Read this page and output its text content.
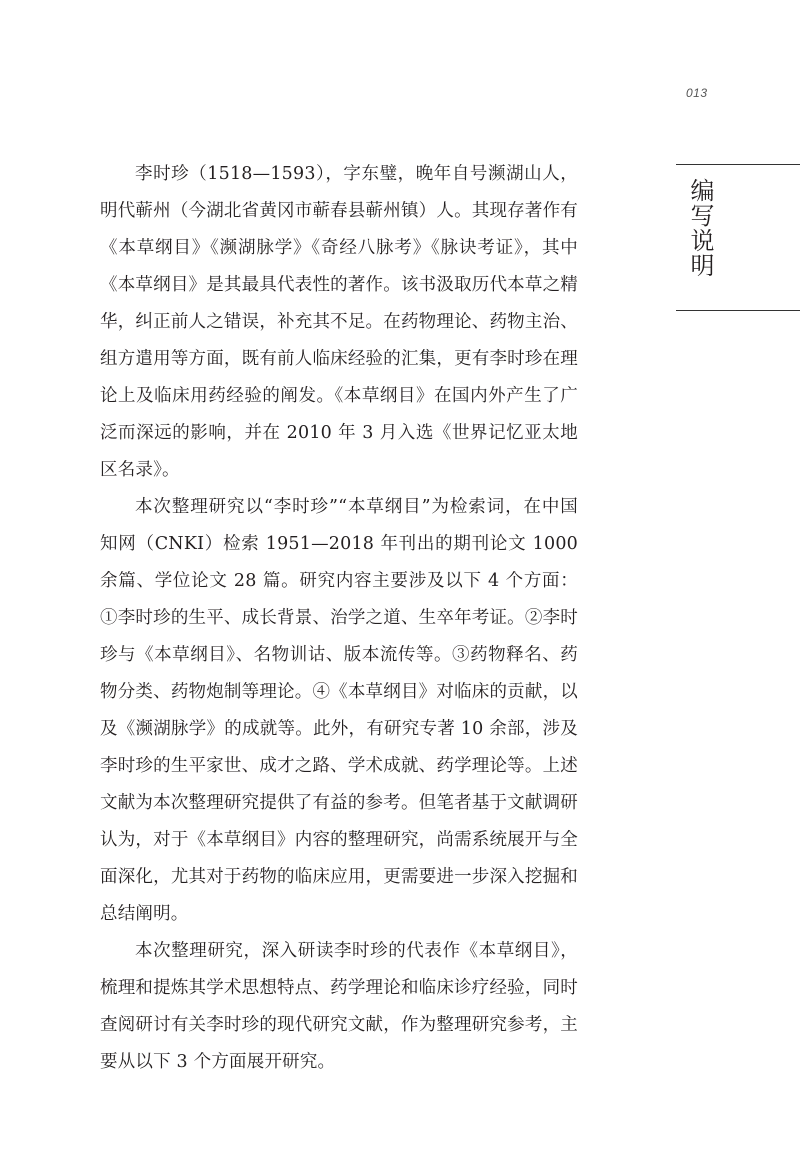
013
编写说明

李时珍（1518—1593），字东璧，晚年自号濒湖山人，明代蕲州（今湖北省黄冈市蕲春县蕲州镇）人。其现存著作有《本草纲目》《濒湖脉学》《奇经八脉考》《脉诀考证》，其中《本草纲目》是其最具代表性的著作。该书汲取历代本草之精华，纠正前人之错误，补充其不足。在药物理论、药物主治、组方遣用等方面，既有前人临床经验的汇集，更有李时珍在理论上及临床用药经验的阐发。《本草纲目》在国内外产生了广泛而深远的影响，并在 2010 年 3 月入选《世界记忆亚太地区名录》。

本次整理研究以“李时珍”“本草纲目”为检索词，在中国知网（CNKI）检索 1951—2018 年刊出的期刊论文 1000 余篇、学位论文 28 篇。研究内容主要涉及以下 4 个方面：①李时珍的生平、成长背景、治学之道、生卒年考证。②李时珍与《本草纲目》、名物训诂、版本流传等。③药物释名、药物分类、药物炮制等理论。④《本草纲目》对临床的贡献，以及《濒湖脉学》的成就等。此外，有研究专著 10 余部，涉及李时珍的生平家世、成才之路、学术成就、药学理论等。上述文献为本次整理研究提供了有益的参考。但笔者基于文献调研认为，对于《本草纲目》内容的整理研究，尚需系统展开与全面深化，尤其对于药物的临床应用，更需要进一步深入挖掘和总结阐明。

本次整理研究，深入研读李时珍的代表作《本草纲目》，梳理和提炼其学术思想特点、药学理论和临床诊疗经验，同时查阅研讨有关李时珍的现代研究文献，作为整理研究参考，主要从以下 3 个方面展开研究。
